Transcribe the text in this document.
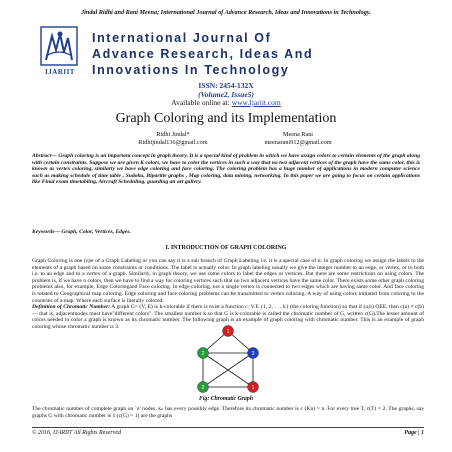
Jindal Ridhi and Rani Meena; International Journal of Advance Research, Ideas and Innovations in Technology.
IJARIIT
International Journal Of
Advance Research, Ideas And
Innovations In Technology
ISSN: 2454-132X
(Volume2, Issue5)
Available online at: www.Ijariit.com
Graph Coloring and its Implementation
Ridhi Jindal*
Ridhijindal136@gmail.com
Meena Rani
meenarani912@gmail.com
Abstract— Graph coloring is an important concept in graph theory. It is a special kind of problem in which we have assign colors to certain elements of the graph along with certain constraints. Suppose we are given K colors, we have to color the vertices in such a way that no two adjacent vertices of the graph have the same color, this is known as vertex coloring, similarly we have edge coloring and face coloring. The coloring problem has a huge number of applications in modern computer science such as making schedule of time table , Sudoku, Bipartite graphs , Map coloring, data mining, networking. In this paper we are going to focus on certain applications like Final exam timetabling, Aircraft Scheduling, guarding an art gallery.
Keywords— Graph, Color, Vertices, Edges.
I. INTRODUCTION OF GRAPH COLORING
Graph Coloring is one type of a Graph Labeling or you can say it is a sub branch of Graph Labeling i.e. it is a special case of it. In graph coloring we assign the labels to the elements of a graph based on some constraints or conditions. The label is actually color. In graph labeling usually we give the integer number to an edge, or vertex, or to both i.e. to an edge and to a vertex of a graph. Similarly, in graph theory, we use some colors to label the edges or vertices. But there are some restrictions on using colors. The problem is, if we have n colors, then we have to find a way for coloring vertices such that no two adjacent vertices have the same color. There exists some other graph coloring problems also, for example, Edge Coloringand Face coloring. In edge coloring, not a single vertex is connected to two edges which are having same color. And face coloring is related to Geographical map coloring. Edge coloring and face coloring problems can be transmitted to vertex coloring. A way of using colors initiated from coloring to the countries of a map. Where each surface is literally colored.
Definition of Chromatic Number: A graph G= (V, E) is k-colorable if there is exist a function c: V.E {1, 2, . . . k} (the coloring function) so that if (a,b) OEE, then c(a) ≠ c(b) — that is, adjacentnodes must have"different colors". The smallest number k so that G is k-colorable is called the chromatic number of G, written c(G).The lesser amount of colors needed to color a graph is known as its chromatic number. The following graph is an example of graph coloring with chromatic number. This is an example of graph coloring whose chromatic number is 3.
1
2	3
2	1
Fig: Chromatic Graph
The chromatic number of complete graph on `n' nodes, kₙ has every possibly edge. Therefore its chromatic number is c (Kn) = n. For every tree T, c(T) = 2. The graphs, say graphs G with chromatic number is 1 (c(G) = 1) are the graphs
© 2016, IJARIIT All Rights Reserved	Page | 1
